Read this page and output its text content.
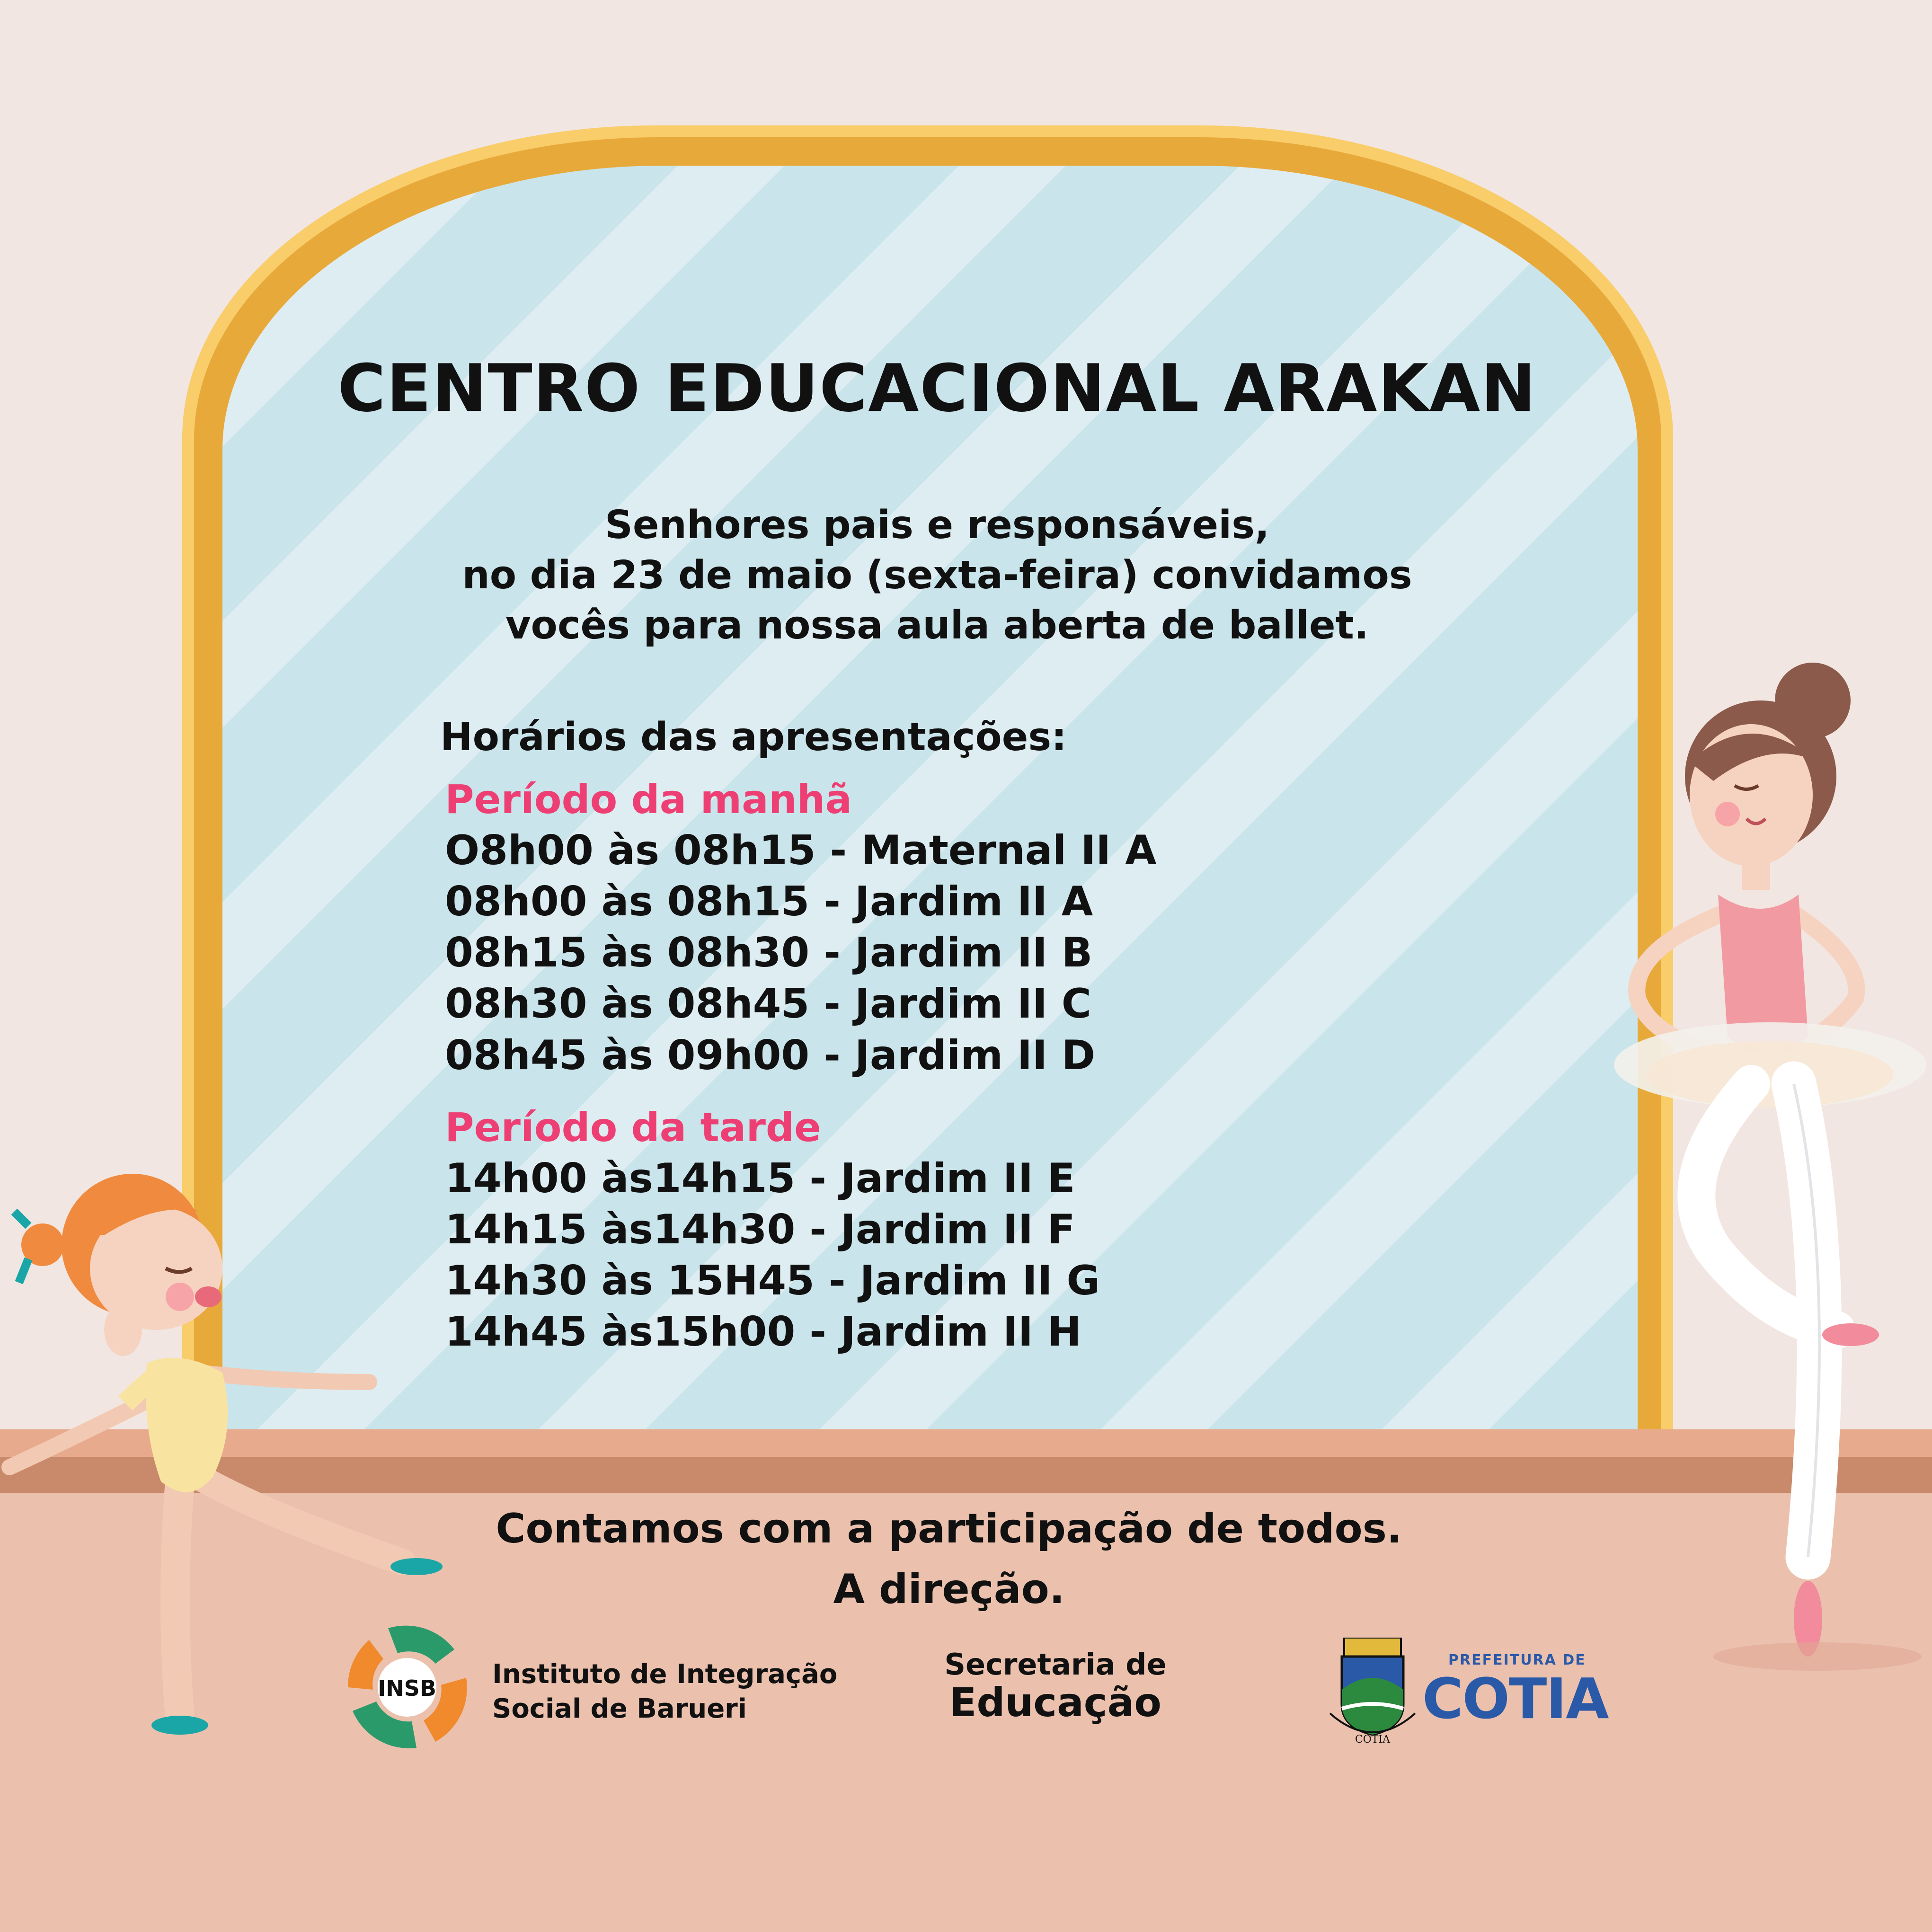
CENTRO EDUCACIONAL ARAKAN
Senhores pais e responsáveis,
no dia 23 de maio (sexta-feira) convidamos
vocês para nossa aula aberta de ballet.
Horários das apresentações:
Período da manhã
O8h00 às 08h15 - Maternal II A
08h00 às 08h15 - Jardim II A
08h15 às 08h30 - Jardim II B
08h30 às 08h45 - Jardim II C
08h45 às 09h00 - Jardim II D
Período da tarde
14h00 às14h15 - Jardim II E
14h15 às14h30 - Jardim II F
14h30 às 15H45 - Jardim II G
14h45 às15h00 - Jardim II H
Contamos com a participação de todos.
A direção.
INSB Instituto de Integração
Social de Barueri
Secretaria de
Educação
COTIA
PREFEITURA DE
COTIA
